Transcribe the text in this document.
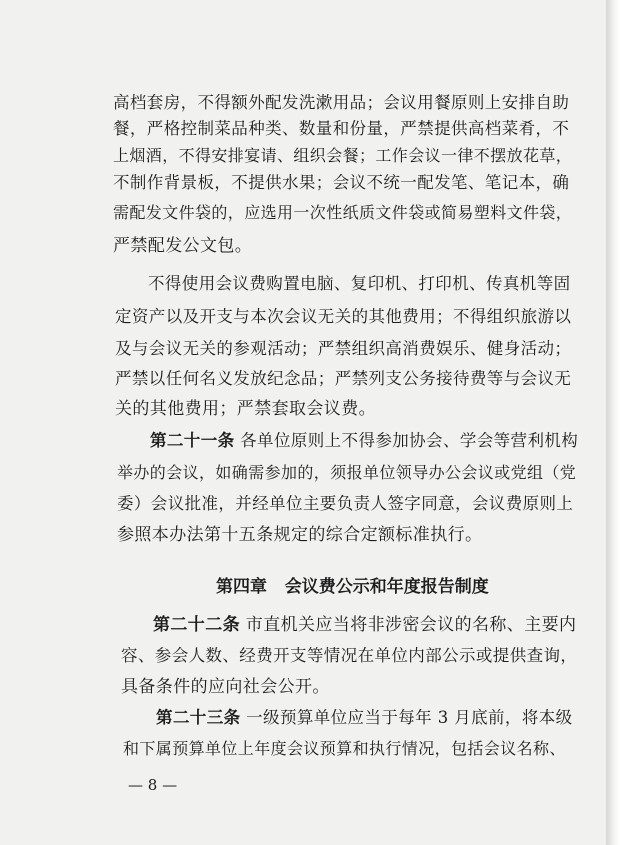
高档套房，不得额外配发洗漱用品；会议用餐原则上安排自助
餐，严格控制菜品种类、数量和份量，严禁提供高档菜肴，不
上烟酒，不得安排宴请、组织会餐；工作会议一律不摆放花草，
不制作背景板，不提供水果；会议不统一配发笔、笔记本，确
需配发文件袋的，应选用一次性纸质文件袋或简易塑料文件袋，
严禁配发公文包。
不得使用会议费购置电脑、复印机、打印机、传真机等固
定资产以及开支与本次会议无关的其他费用；不得组织旅游以
及与会议无关的参观活动；严禁组织高消费娱乐、健身活动；
严禁以任何名义发放纪念品；严禁列支公务接待费等与会议无
关的其他费用；严禁套取会议费。
第二十一条 各单位原则上不得参加协会、学会等营利机构
举办的会议，如确需参加的，须报单位领导办公会议或党组（党
委）会议批准，并经单位主要负责人签字同意，会议费原则上
参照本办法第十五条规定的综合定额标准执行。
第四章   会议费公示和年度报告制度
第二十二条 市直机关应当将非涉密会议的名称、主要内
容、参会人数、经费开支等情况在单位内部公示或提供查询，
具备条件的应向社会公开。
第二十三条 一级预算单位应当于每年 3 月底前，将本级
和下属预算单位上年度会议预算和执行情况，包括会议名称、
— 8 —
